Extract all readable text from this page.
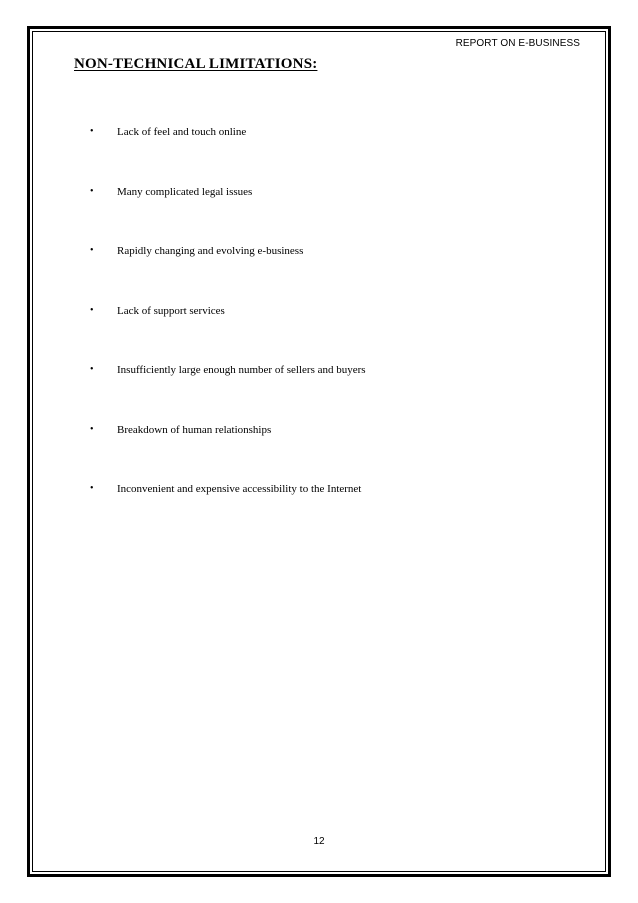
REPORT ON E-BUSINESS
NON-TECHNICAL LIMITATIONS:
•	Lack of feel and touch online
•	Many complicated legal issues
•	Rapidly changing and evolving e-business
•	Lack of support services
•	Insufficiently large enough number of sellers and buyers
•	Breakdown of human relationships
•	Inconvenient and expensive accessibility to the Internet
12
